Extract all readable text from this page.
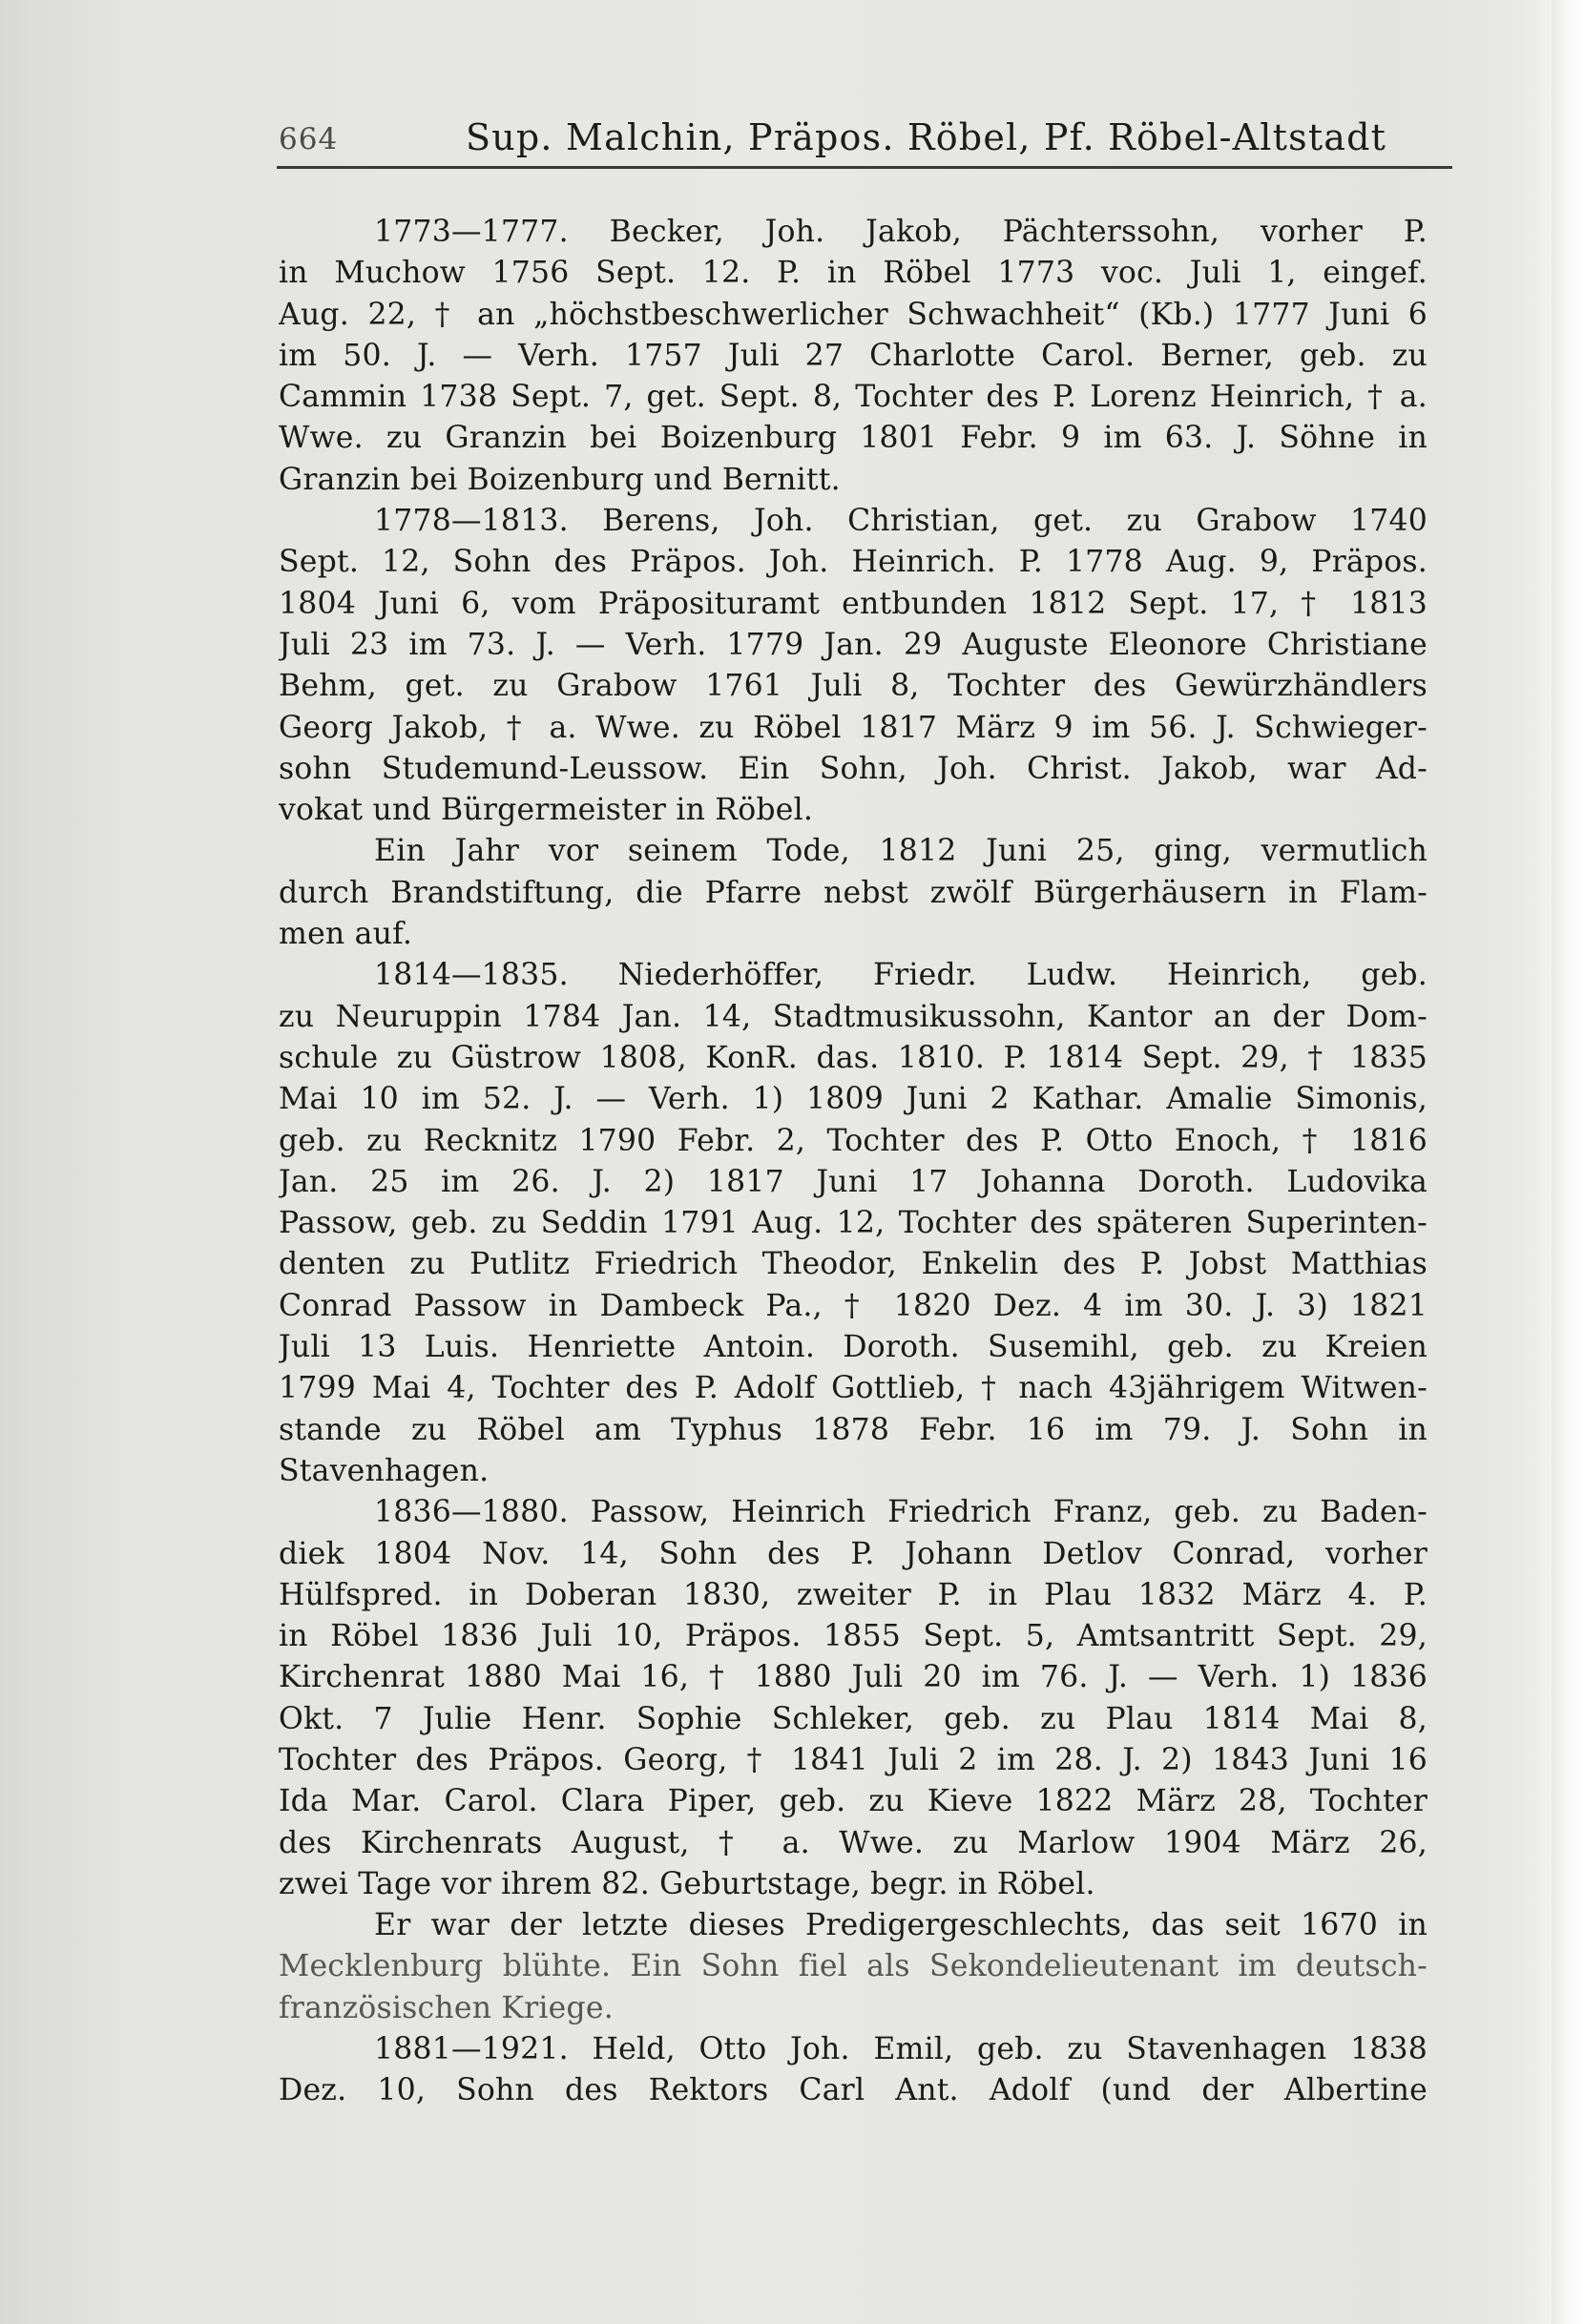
664	Sup. Malchin, Präpos. Röbel, Pf. Röbel-Altstadt
1773—1777. Becker, Joh. Jakob, Pächterssohn, vorher P.
in Muchow 1756 Sept. 12. P. in Röbel 1773 voc. Juli 1, eingef.
Aug. 22, † an „höchstbeschwerlicher Schwachheit“ (Kb.) 1777 Juni 6
im 50. J. — Verh. 1757 Juli 27 Charlotte Carol. Berner, geb. zu
Cammin 1738 Sept. 7, get. Sept. 8, Tochter des P. Lorenz Heinrich, † a.
Wwe. zu Granzin bei Boizenburg 1801 Febr. 9 im 63. J. Söhne in
Granzin bei Boizenburg und Bernitt.
1778—1813. Berens, Joh. Christian, get. zu Grabow 1740
Sept. 12, Sohn des Präpos. Joh. Heinrich. P. 1778 Aug. 9, Präpos.
1804 Juni 6, vom Präposituramt entbunden 1812 Sept. 17, † 1813
Juli 23 im 73. J. — Verh. 1779 Jan. 29 Auguste Eleonore Christiane
Behm, get. zu Grabow 1761 Juli 8, Tochter des Gewürzhändlers
Georg Jakob, † a. Wwe. zu Röbel 1817 März 9 im 56. J. Schwieger-
sohn Studemund-Leussow. Ein Sohn, Joh. Christ. Jakob, war Ad-
vokat und Bürgermeister in Röbel.
Ein Jahr vor seinem Tode, 1812 Juni 25, ging, vermutlich
durch Brandstiftung, die Pfarre nebst zwölf Bürgerhäusern in Flam-
men auf.
1814—1835. Niederhöffer, Friedr. Ludw. Heinrich, geb.
zu Neuruppin 1784 Jan. 14, Stadtmusikussohn, Kantor an der Dom-
schule zu Güstrow 1808, KonR. das. 1810. P. 1814 Sept. 29, † 1835
Mai 10 im 52. J. — Verh. 1) 1809 Juni 2 Kathar. Amalie Simonis,
geb. zu Recknitz 1790 Febr. 2, Tochter des P. Otto Enoch, † 1816
Jan. 25 im 26. J. 2) 1817 Juni 17 Johanna Doroth. Ludovika
Passow, geb. zu Seddin 1791 Aug. 12, Tochter des späteren Superinten-
denten zu Putlitz Friedrich Theodor, Enkelin des P. Jobst Matthias
Conrad Passow in Dambeck Pa., † 1820 Dez. 4 im 30. J. 3) 1821
Juli 13 Luis. Henriette Antoin. Doroth. Susemihl, geb. zu Kreien
1799 Mai 4, Tochter des P. Adolf Gottlieb, † nach 43jährigem Witwen-
stande zu Röbel am Typhus 1878 Febr. 16 im 79. J. Sohn in
Stavenhagen.
1836—1880. Passow, Heinrich Friedrich Franz, geb. zu Baden-
diek 1804 Nov. 14, Sohn des P. Johann Detlov Conrad, vorher
Hülfspred. in Doberan 1830, zweiter P. in Plau 1832 März 4. P.
in Röbel 1836 Juli 10, Präpos. 1855 Sept. 5, Amtsantritt Sept. 29,
Kirchenrat 1880 Mai 16, † 1880 Juli 20 im 76. J. — Verh. 1) 1836
Okt. 7 Julie Henr. Sophie Schleker, geb. zu Plau 1814 Mai 8,
Tochter des Präpos. Georg, † 1841 Juli 2 im 28. J. 2) 1843 Juni 16
Ida Mar. Carol. Clara Piper, geb. zu Kieve 1822 März 28, Tochter
des Kirchenrats August, † a. Wwe. zu Marlow 1904 März 26,
zwei Tage vor ihrem 82. Geburtstage, begr. in Röbel.
Er war der letzte dieses Predigergeschlechts, das seit 1670 in
Mecklenburg blühte. Ein Sohn fiel als Sekondelieutenant im deutsch-
französischen Kriege.
1881—1921. Held, Otto Joh. Emil, geb. zu Stavenhagen 1838
Dez. 10, Sohn des Rektors Carl Ant. Adolf (und der Albertine
